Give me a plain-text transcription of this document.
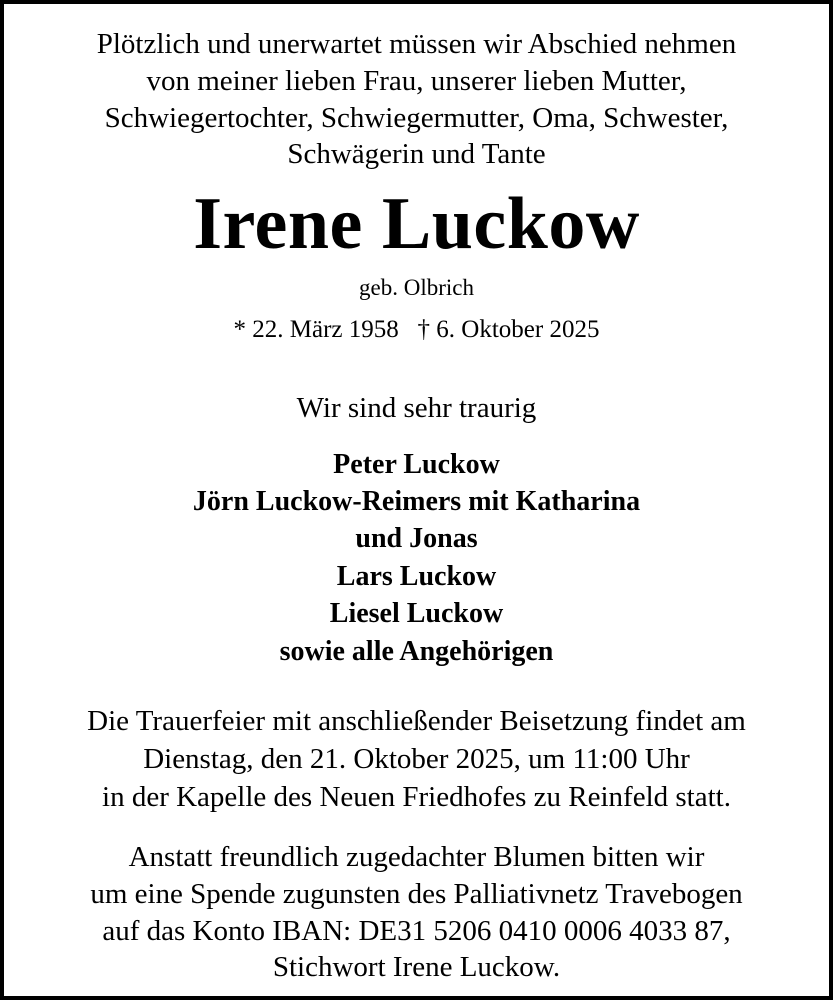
Plötzlich und unerwartet müssen wir Abschied nehmen
von meiner lieben Frau, unserer lieben Mutter,
Schwiegertochter, Schwiegermutter, Oma, Schwester,
Schwägerin und Tante
Irene Luckow
geb. Olbrich
* 22. März 1958   † 6. Oktober 2025
Wir sind sehr traurig
Peter Luckow
Jörn Luckow-Reimers mit Katharina
und Jonas
Lars Luckow
Liesel Luckow
sowie alle Angehörigen
Die Trauerfeier mit anschließender Beisetzung findet am
Dienstag, den 21. Oktober 2025, um 11:00 Uhr
in der Kapelle des Neuen Friedhofes zu Reinfeld statt.
Anstatt freundlich zugedachter Blumen bitten wir
um eine Spende zugunsten des Palliativnetz Travebogen
auf das Konto IBAN: DE31 5206 0410 0006 4033 87,
Stichwort Irene Luckow.
